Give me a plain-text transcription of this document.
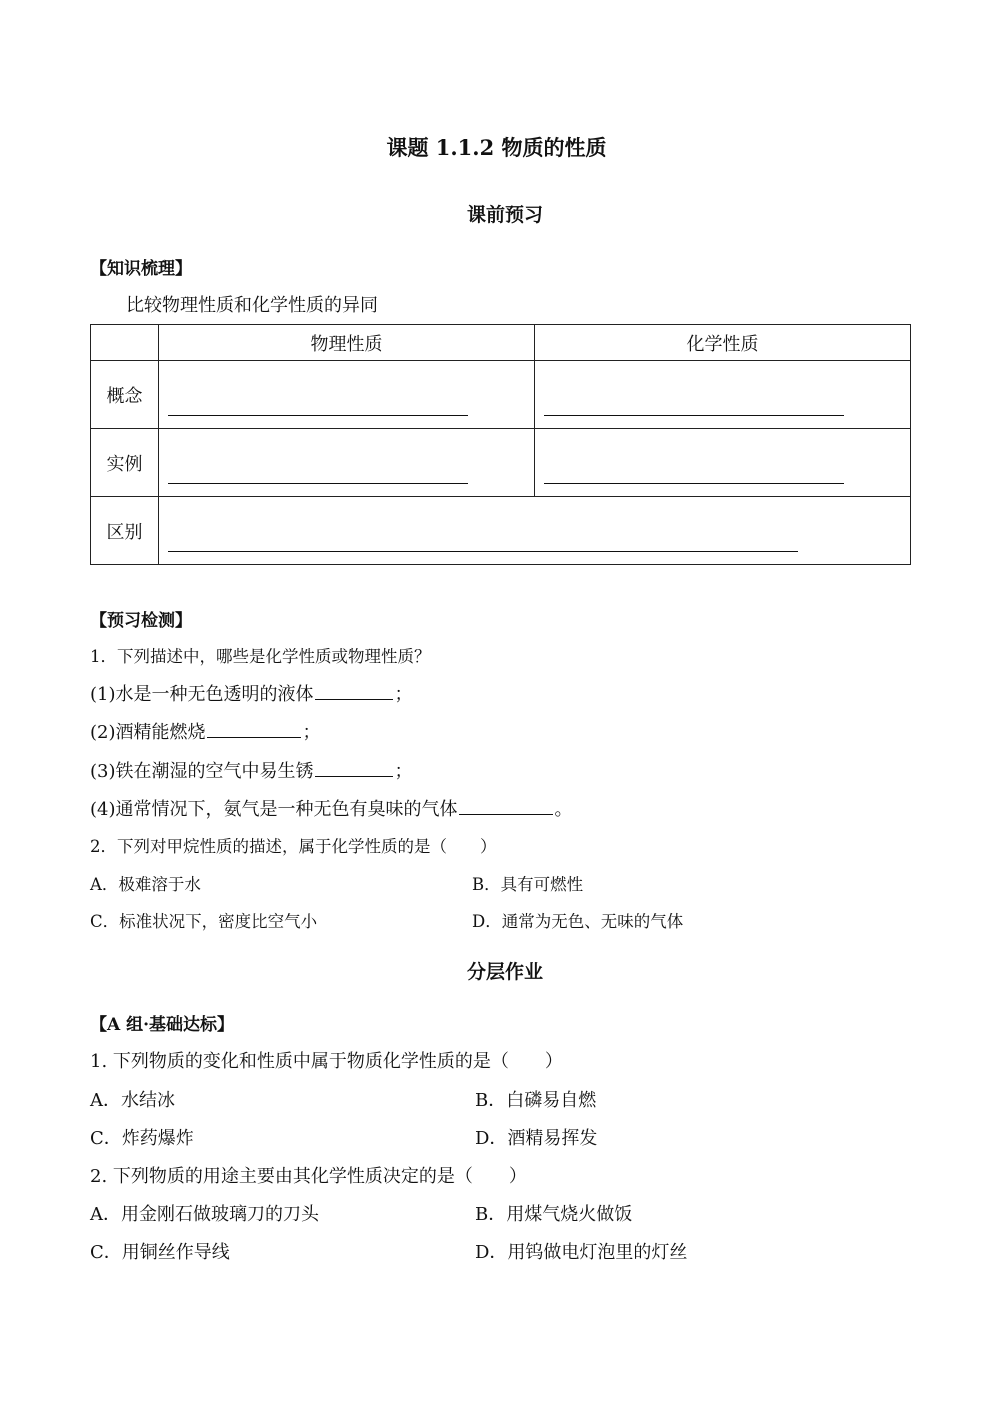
课题 1.1.2 物质的性质
课前预习
【知识梳理】
比较物理性质和化学性质的异同
	物理性质	化学性质
概念	

实例	

区别		
【预习检测】
1．下列描述中，哪些是化学性质或物理性质？
(1)水是一种无色透明的液体	；
(2)酒精能燃烧	；
(3)铁在潮湿的空气中易生锈	；
(4)通常情况下，氨气是一种无色有臭味的气体	。
2．下列对甲烷性质的描述，属于化学性质的是（　　）
A．极难溶于水	B．具有可燃性
C．标准状况下，密度比空气小	D．通常为无色、无味的气体
分层作业
【A 组·基础达标】
1. 下列物质的变化和性质中属于物质化学性质的是（　　）
A．水结冰	B．白磷易自燃
C．炸药爆炸	D．酒精易挥发
2. 下列物质的用途主要由其化学性质决定的是（　　）
A．用金刚石做玻璃刀的刀头	B．用煤气烧火做饭
C．用铜丝作导线	D．用钨做电灯泡里的灯丝
